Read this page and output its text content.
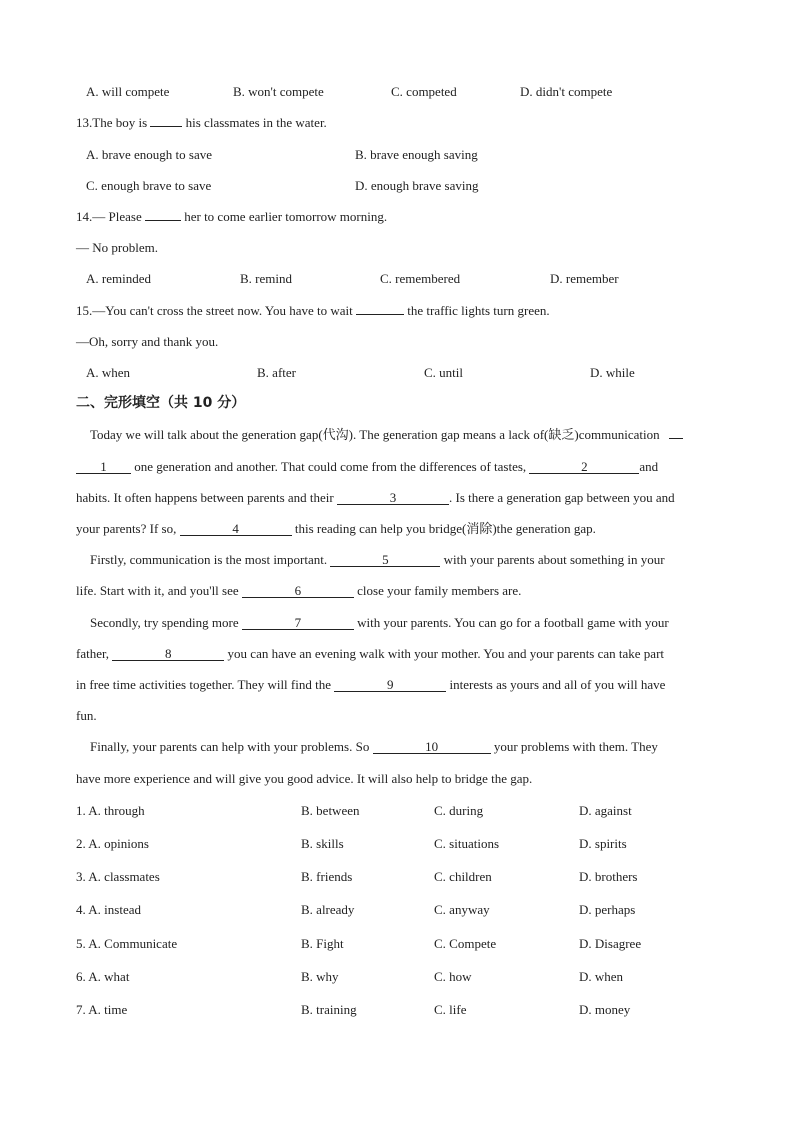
A. will compete	B. won't compete	C. competed	D. didn't compete
13.The boy is  his classmates in the water.
A. brave enough to save	B. brave enough saving
C. enough brave to save	D. enough brave saving
14.— Please	her to come earlier tomorrow morning.
— No problem.
A. reminded	B. remind	C. remembered	D. remember
15.—You can't cross the street now. You have to wait	the traffic lights turn green.
—Oh, sorry and thank you.
A. when	B. after	C. until	D. while
二、完形填空（共 10 分）
Today we will talk about the generation gap(代沟). The generation gap means a lack of(缺乏)communication
1 one generation and another. That could come from the differences of tastes,	2	and
habits. It often happens between parents and their	3	. Is there a generation gap between you and
your parents? If so,	4	this reading can help you bridge(消除)the generation gap.
Firstly, communication is the most important.	5	with your parents about something in your
life. Start with it, and you'll see	6	close your family members are.
Secondly, try spending more	7	with your parents. You can go for a football game with your
father,	8	you can have an evening walk with your mother. You and your parents can take part
in free time activities together. They will find the	9	interests as yours and all of you will have
fun.
Finally, your parents can help with your problems. So	10	your problems with them. They
have more experience and will give you good advice. It will also help to bridge the gap.
1. A. through	B. between	C. during	D. against
2. A. opinions	B. skills	C. situations	D. spirits
3. A. classmates	B. friends	C. children	D. brothers
4. A. instead	B. already	C. anyway	D. perhaps
5. A. Communicate	B. Fight	C. Compete	D. Disagree
6. A. what	B. why	C. how	D. when
7. A. time	B. training	C. life	D. money
